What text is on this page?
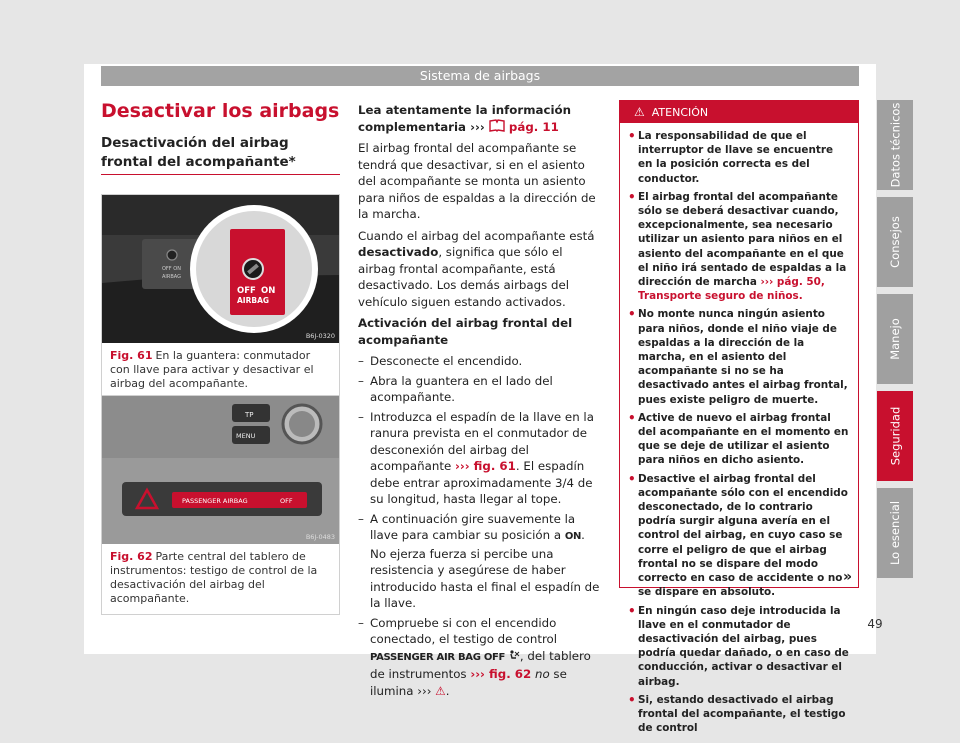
Sistema de airbags
Datos técnicos
Consejos
Manejo
Seguridad
Lo esencial
Desactivar los airbags
Desactivación del airbag frontal del acompañante*
OFF ON
AIRBAG
OFF ON
AIRBAG
B6J-0320
Fig. 61 En la guantera: conmutador con llave para activar y desactivar el airbag del acompañante.
TP
MENU
PASSENGER AIRBAG	OFF
B6J-0483
Fig. 62 Parte central del tablero de instrumentos: testigo de control de la desactivación del airbag del acompañante.

Lea atentamente la información complementaria ››› pág. 11

El airbag frontal del acompañante se tendrá que desactivar, si en el asiento del acompañante se monta un asiento para niños de espaldas a la dirección de la marcha.

Cuando el airbag del acompañante está desactivado, significa que sólo el airbag frontal acompañante, está desactivado. Los demás airbags del vehículo siguen estando activados.

Activación del airbag frontal del acompañante

– Desconecte el encendido.
– Abra la guantera en el lado del acompañante.
– Introduzca el espadín de la llave en la ranura prevista en el conmutador de desconexión del airbag del acompañante ››› fig. 61. El espadín debe entrar aproximadamente 3/4 de su longitud, hasta llegar al tope.
– A continuación gire suavemente la llave para cambiar su posición a ON. No ejerza fuerza si percibe una resistencia y asegúrese de haber introducido hasta el final el espadín de la llave.
– Compruebe si con el encendido conectado, el testigo de control PASSENGER AIR BAG OFF , del tablero de instrumentos ››› fig. 62 no se ilumina ››› ⚠.
⚠ ATENCIÓN
• La responsabilidad de que el interruptor de llave se encuentre en la posición correcta es del conductor.
• El airbag frontal del acompañante sólo se deberá desactivar cuando, excepcionalmente, sea necesario utilizar un asiento para niños en el asiento del acompañante en el que el niño irá sentado de espaldas a la dirección de marcha ››› pág. 50, Transporte seguro de niños.
• No monte nunca ningún asiento para niños, donde el niño viaje de espaldas a la dirección de la marcha, en el asiento del acompañante si no se ha desactivado antes el airbag frontal, pues existe peligro de muerte.
• Active de nuevo el airbag frontal del acompañante en el momento en que se deje de utilizar el asiento para niños en dicho asiento.
• Desactive el airbag frontal del acompañante sólo con el encendido desconectado, de lo contrario podría surgir alguna avería en el control del airbag, en cuyo caso se corre el peligro de que el airbag frontal no se dispare del modo correcto en caso de accidente o no se dispare en absoluto.
• En ningún caso deje introducida la llave en el conmutador de desactivación del airbag, pues podría quedar dañado, o en caso de conducción, activar o desactivar el airbag.
• Si, estando desactivado el airbag frontal del acompañante, el testigo de control
»
49
